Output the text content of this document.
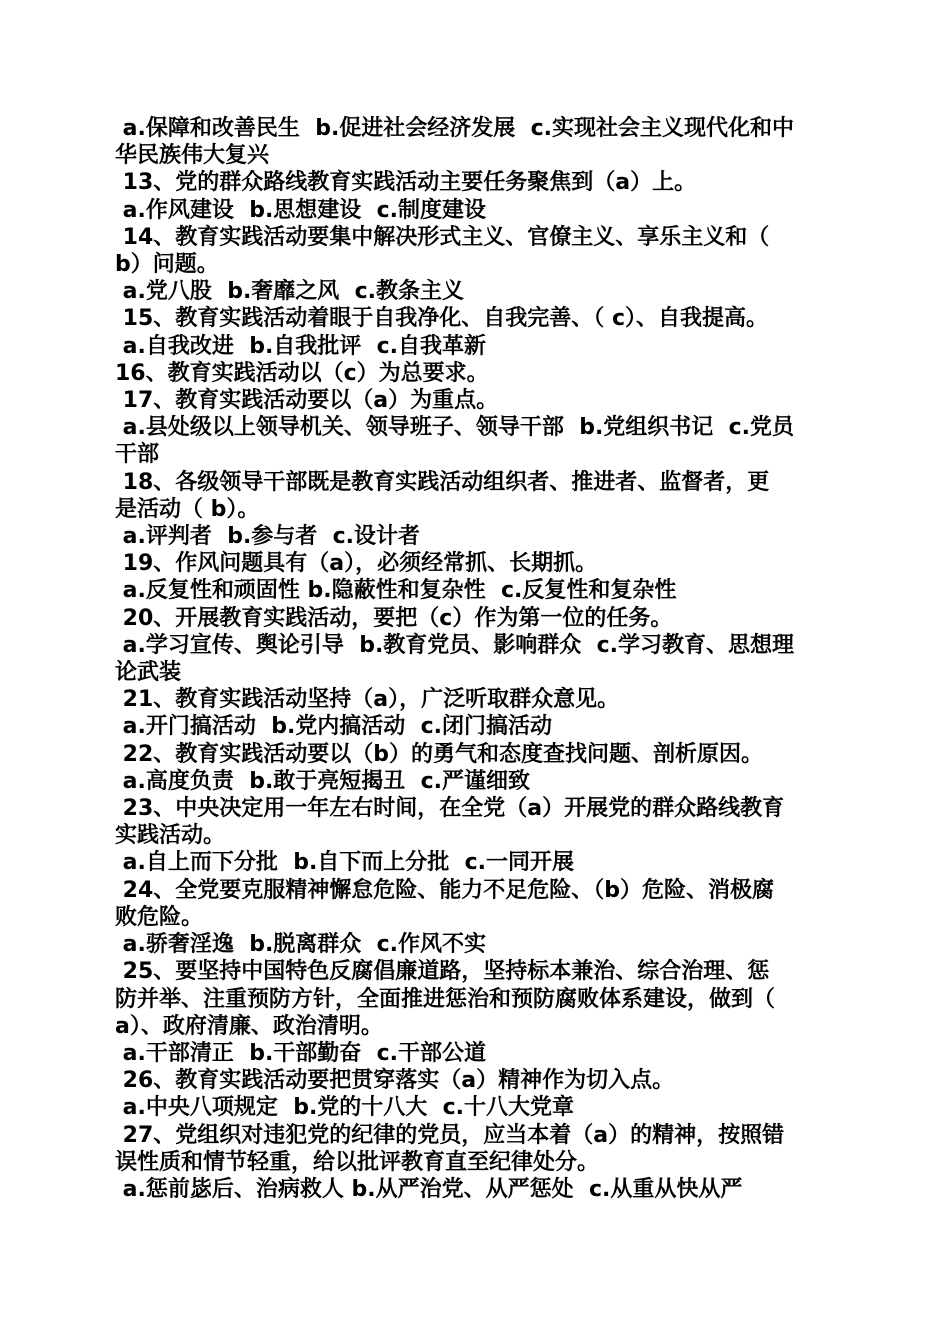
a.保障和改善民生  b.促进社会经济发展  c.实现社会主义现代化和中
华民族伟大复兴
13、党的群众路线教育实践活动主要任务聚焦到（a）上。
a.作风建设  b.思想建设  c.制度建设
14、教育实践活动要集中解决形式主义、官僚主义、享乐主义和（
b）问题。
a.党八股  b.奢靡之风  c.教条主义
15、教育实践活动着眼于自我净化、自我完善、（ c）、自我提高。
a.自我改进  b.自我批评  c.自我革新
16、教育实践活动以（c）为总要求。
17、教育实践活动要以（a）为重点。
a.县处级以上领导机关、领导班子、领导干部  b.党组织书记  c.党员
干部
18、各级领导干部既是教育实践活动组织者、推进者、监督者，更
是活动（ b）。
a.评判者  b.参与者  c.设计者
19、作风问题具有（a），必须经常抓、长期抓。
a.反复性和顽固性 b.隐蔽性和复杂性  c.反复性和复杂性
20、开展教育实践活动，要把（c）作为第一位的任务。
a.学习宣传、舆论引导  b.教育党员、影响群众  c.学习教育、思想理
论武装
21、教育实践活动坚持（a），广泛听取群众意见。
a.开门搞活动  b.党内搞活动  c.闭门搞活动
22、教育实践活动要以（b）的勇气和态度查找问题、剖析原因。
a.高度负责  b.敢于亮短揭丑  c.严谨细致
23、中央决定用一年左右时间，在全党（a）开展党的群众路线教育
实践活动。
a.自上而下分批  b.自下而上分批  c.一同开展
24、全党要克服精神懈怠危险、能力不足危险、（b）危险、消极腐
败危险。
a.骄奢淫逸  b.脱离群众  c.作风不实
25、要坚持中国特色反腐倡廉道路，坚持标本兼治、综合治理、惩
防并举、注重预防方针，全面推进惩治和预防腐败体系建设，做到（
a）、政府清廉、政治清明。
a.干部清正  b.干部勤奋  c.干部公道
26、教育实践活动要把贯穿落实（a）精神作为切入点。
a.中央八项规定  b.党的十八大  c.十八大党章
27、党组织对违犯党的纪律的党员，应当本着（a）的精神，按照错
误性质和情节轻重，给以批评教育直至纪律处分。
a.惩前毖后、治病救人 b.从严治党、从严惩处  c.从重从快从严
